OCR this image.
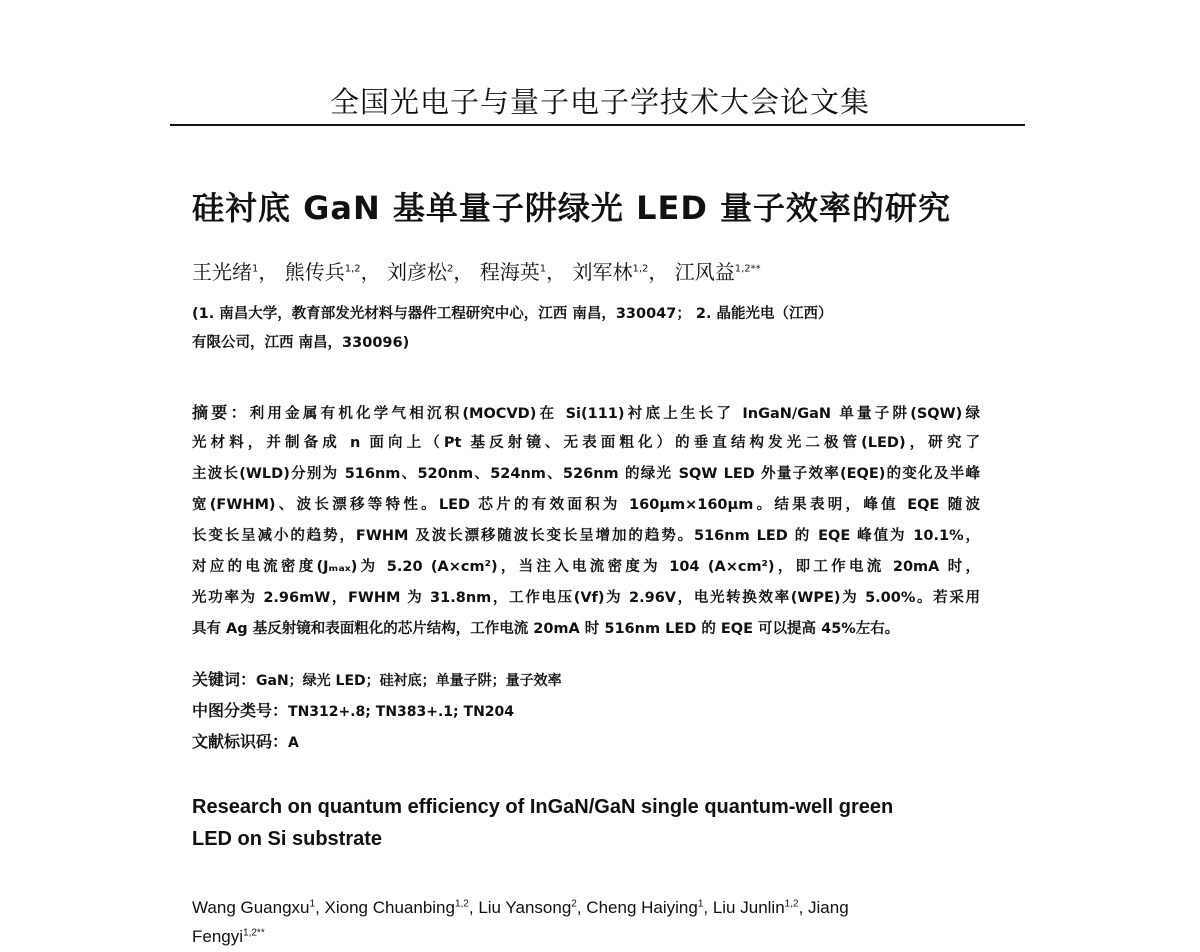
全国光电子与量子电子学技术大会论文集
硅衬底 GaN 基单量子阱绿光 LED 量子效率的研究
王光绪$^1$， 熊传兵$^{1,2}$， 刘彦松$^2$， 程海英$^1$， 刘军林$^{1,2}$， 江风益$^{1,2**}$
(1. 南昌大学，教育部发光材料与器件工程研究中心，江西 南昌，330047； 2. 晶能光电（江西）
有限公司，江西 南昌，330096)
摘要：利用金属有机化学气相沉积(MOCVD)在 Si(111)衬底上生长了 InGaN/GaN 单量子阱(SQW)绿
光材料，并制备成 n 面向上（Pt 基反射镜、无表面粗化）的垂直结构发光二极管(LED)，研究了
主波长(WLD)分别为 516nm、520nm、524nm、526nm 的绿光 SQW LED 外量子效率(EQE)的变化及半峰
宽(FWHM)、波长漂移等特性。LED 芯片的有效面积为 160μm×160μm。结果表明，峰值 EQE 随波
长变长呈减小的趋势，FWHM 及波长漂移随波长变长呈增加的趋势。516nm LED 的 EQE 峰值为 10.1%，
对应的电流密度(Jₘₐₓ)为 5.20 (A×cm²)，当注入电流密度为 104 (A×cm²)，即工作电流 20mA 时，
光功率为 2.96mW，FWHM 为 31.8nm，工作电压(Vf)为 2.96V，电光转换效率(WPE)为 5.00%。若采用
具有 Ag 基反射镜和表面粗化的芯片结构，工作电流 20mA 时 516nm LED 的 EQE 可以提高 45%左右。
关键词：GaN；绿光 LED；硅衬底；单量子阱；量子效率
中图分类号：TN312+.8; TN383+.1; TN204
文献标识码：A
Research on quantum efficiency of InGaN/GaN single quantum-well green
LED on Si substrate
Wang Guangxu$^1$, Xiong Chuanbing$^{1,2}$, Liu Yansong$^2$, Cheng Haiying$^1$, Liu Junlin$^{1,2}$, Jiang
Fengyi$^{1,2**}$
